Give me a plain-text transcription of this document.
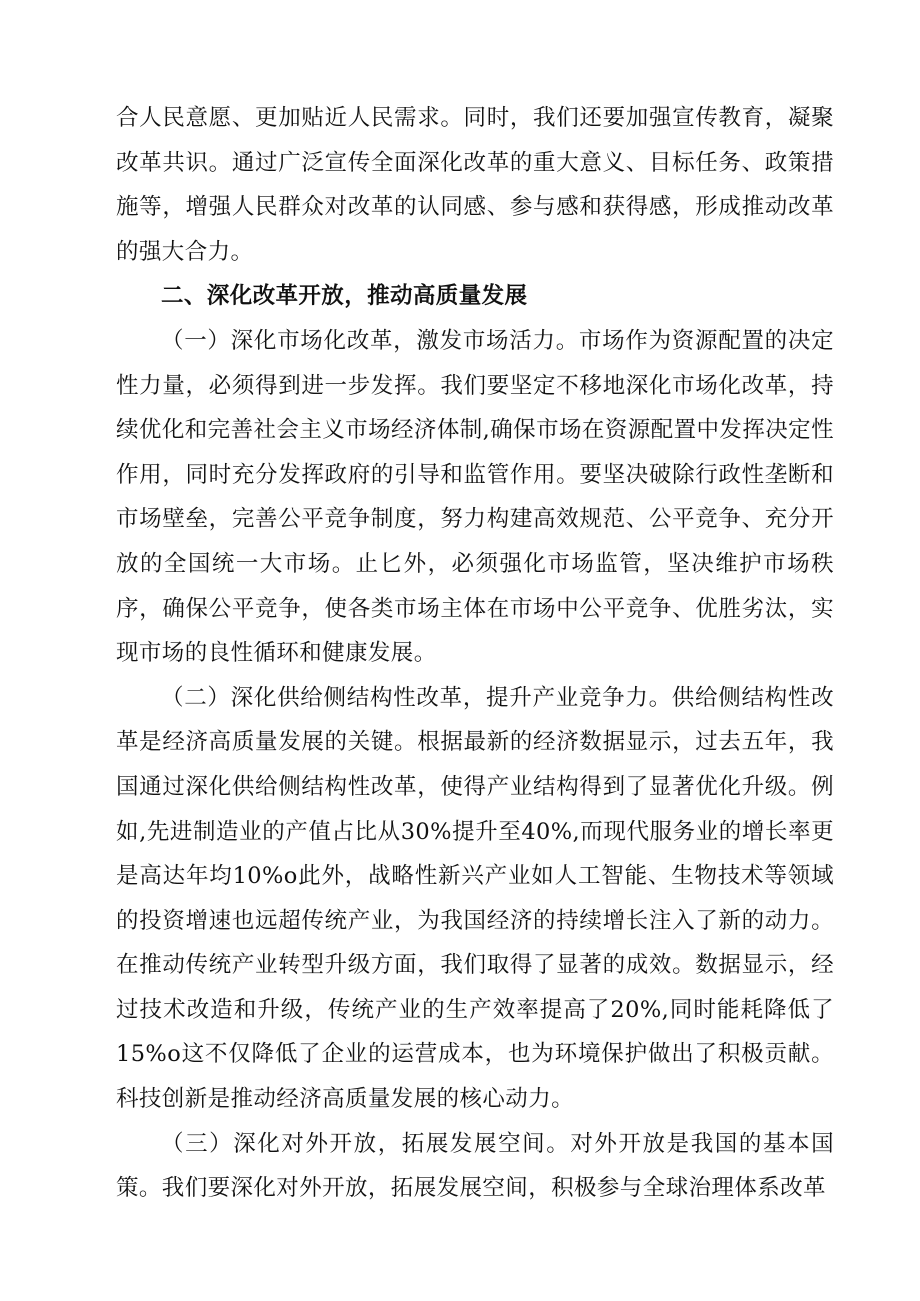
合人民意愿、更加贴近人民需求。同时，我们还要加强宣传教育，凝聚改革共识。通过广泛宣传全面深化改革的重大意义、目标任务、政策措施等，增强人民群众对改革的认同感、参与感和获得感，形成推动改革的强大合力。

二、深化改革开放，推动高质量发展

（一）深化市场化改革，激发市场活力。市场作为资源配置的决定性力量，必须得到进一步发挥。我们要坚定不移地深化市场化改革，持续优化和完善社会主义市场经济体制,确保市场在资源配置中发挥决定性作用，同时充分发挥政府的引导和监管作用。要坚决破除行政性垄断和市场壁垒，完善公平竞争制度，努力构建高效规范、公平竞争、充分开放的全国统一大市场。止匕外，必须强化市场监管，坚决维护市场秩序，确保公平竞争，使各类市场主体在市场中公平竞争、优胜劣汰，实现市场的良性循环和健康发展。

（二）深化供给侧结构性改革，提升产业竞争力。供给侧结构性改革是经济高质量发展的关键。根据最新的经济数据显示，过去五年，我国通过深化供给侧结构性改革，使得产业结构得到了显著优化升级。例如,先进制造业的产值占比从30%提升至40%,而现代服务业的增长率更是高达年均10%o此外，战略性新兴产业如人工智能、生物技术等领域的投资增速也远超传统产业，为我国经济的持续增长注入了新的动力。在推动传统产业转型升级方面，我们取得了显著的成效。数据显示，经过技术改造和升级，传统产业的生产效率提高了20%,同时能耗降低了15%o这不仅降低了企业的运营成本，也为环境保护做出了积极贡献。科技创新是推动经济高质量发展的核心动力。

（三）深化对外开放，拓展发展空间。对外开放是我国的基本国策。我们要深化对外开放，拓展发展空间，积极参与全球治理体系改革
